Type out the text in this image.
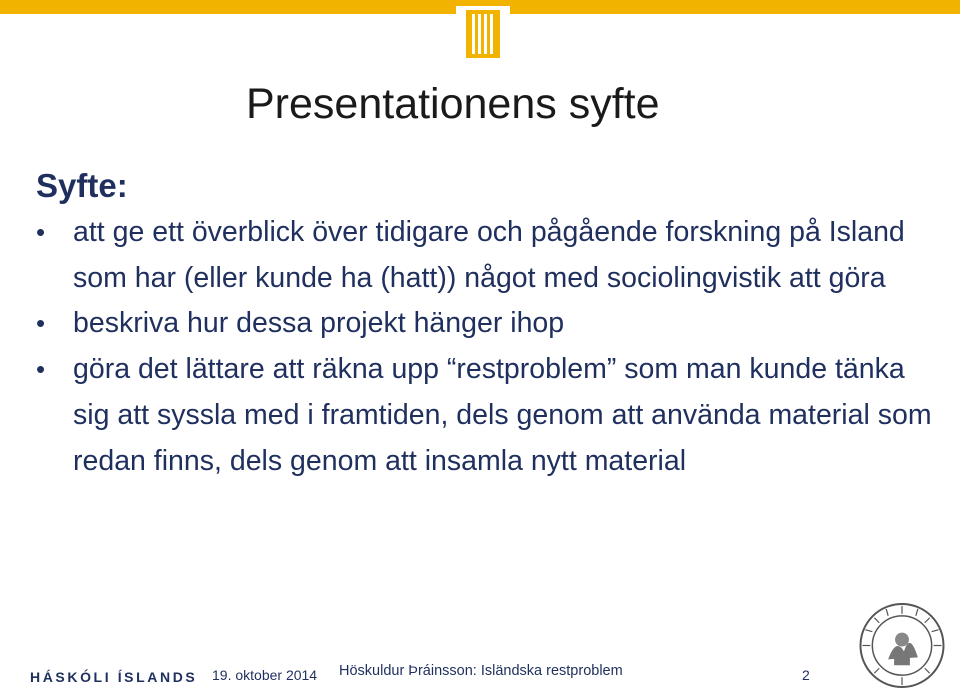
Presentationens syfte
Syfte:
• att ge ett överblick över tidigare och pågående forskning på Island som har (eller kunde ha (hatt)) något med sociolingvistik att göra
• beskriva hur dessa projekt hänger ihop
• göra det lättare att räkna upp “restproblem” som man kunde tänka sig att syssla med i framtiden, dels genom att använda material som redan finns, dels genom att insamla nytt material
HÁSKÓLI ÍSLANDS 19. oktober 2014 Höskuldur Þráinsson: Isländska restproblem	2
